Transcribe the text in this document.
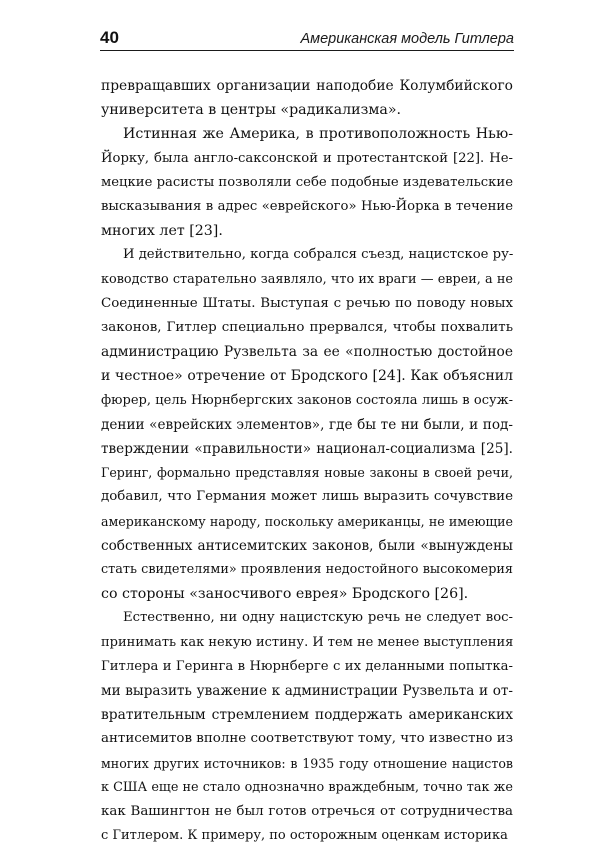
40	Американская модель Гитлера
превращавших организации наподобие Колумбийского
университета в центры «радикализма».
Истинная же Америка, в противоположность Нью-
Йорку, была англо-саксонской и протестантской [22]. Не-
мецкие расисты позволяли себе подобные издевательские
высказывания в адрес «еврейского» Нью-Йорка в течение
многих лет [23].
И действительно, когда собрался съезд, нацистское ру-
ководство старательно заявляло, что их враги — евреи, а не
Соединенные Штаты. Выступая с речью по поводу новых
законов, Гитлер специально прервался, чтобы похвалить
администрацию Рузвельта за ее «полностью достойное
и честное» отречение от Бродского [24]. Как объяснил
фюрер, цель Нюрнбергских законов состояла лишь в осуж-
дении «еврейских элементов», где бы те ни были, и под-
тверждении «правильности» национал-социализма [25].
Геринг, формально представляя новые законы в своей речи,
добавил, что Германия может лишь выразить сочувствие
американскому народу, поскольку американцы, не имеющие
собственных антисемитских законов, были «вынуждены
стать свидетелями» проявления недостойного высокомерия
со стороны «заносчивого еврея» Бродского [26].
Естественно, ни одну нацистскую речь не следует вос-
принимать как некую истину. И тем не менее выступления
Гитлера и Геринга в Нюрнберге с их деланными попытка-
ми выразить уважение к администрации Рузвельта и от-
вратительным стремлением поддержать американских
антисемитов вполне соответствуют тому, что известно из
многих других источников: в 1935 году отношение нацистов
к США еще не стало однозначно враждебным, точно так же
как Вашингтон не был готов отречься от сотрудничества
с Гитлером. К примеру, по осторожным оценкам историка
